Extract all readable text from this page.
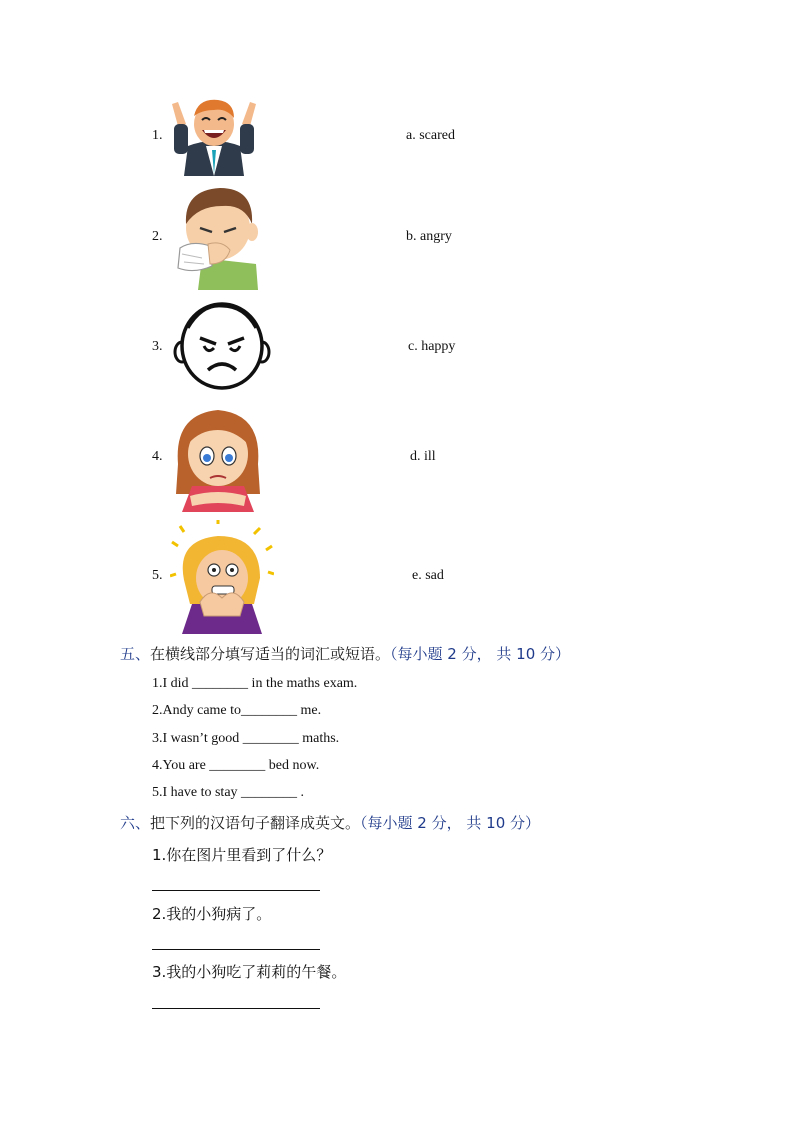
1.	a. scared
2.	b. angry
3.	c. happy
4.	d. ill
5.	e. sad
五、在横线部分填写适当的词汇或短语。（每小题 2 分， 共 10 分）
1.I did ________ in the maths exam.
2.Andy came to________ me.
3.I wasn’t good ________ maths.
4.You are ________ bed now.
5.I have to stay ________ .
六、把下列的汉语句子翻译成英文。（每小题 2 分， 共 10 分）
1.你在图片里看到了什么？
2.我的小狗病了。
3.我的小狗吃了莉莉的午餐。
